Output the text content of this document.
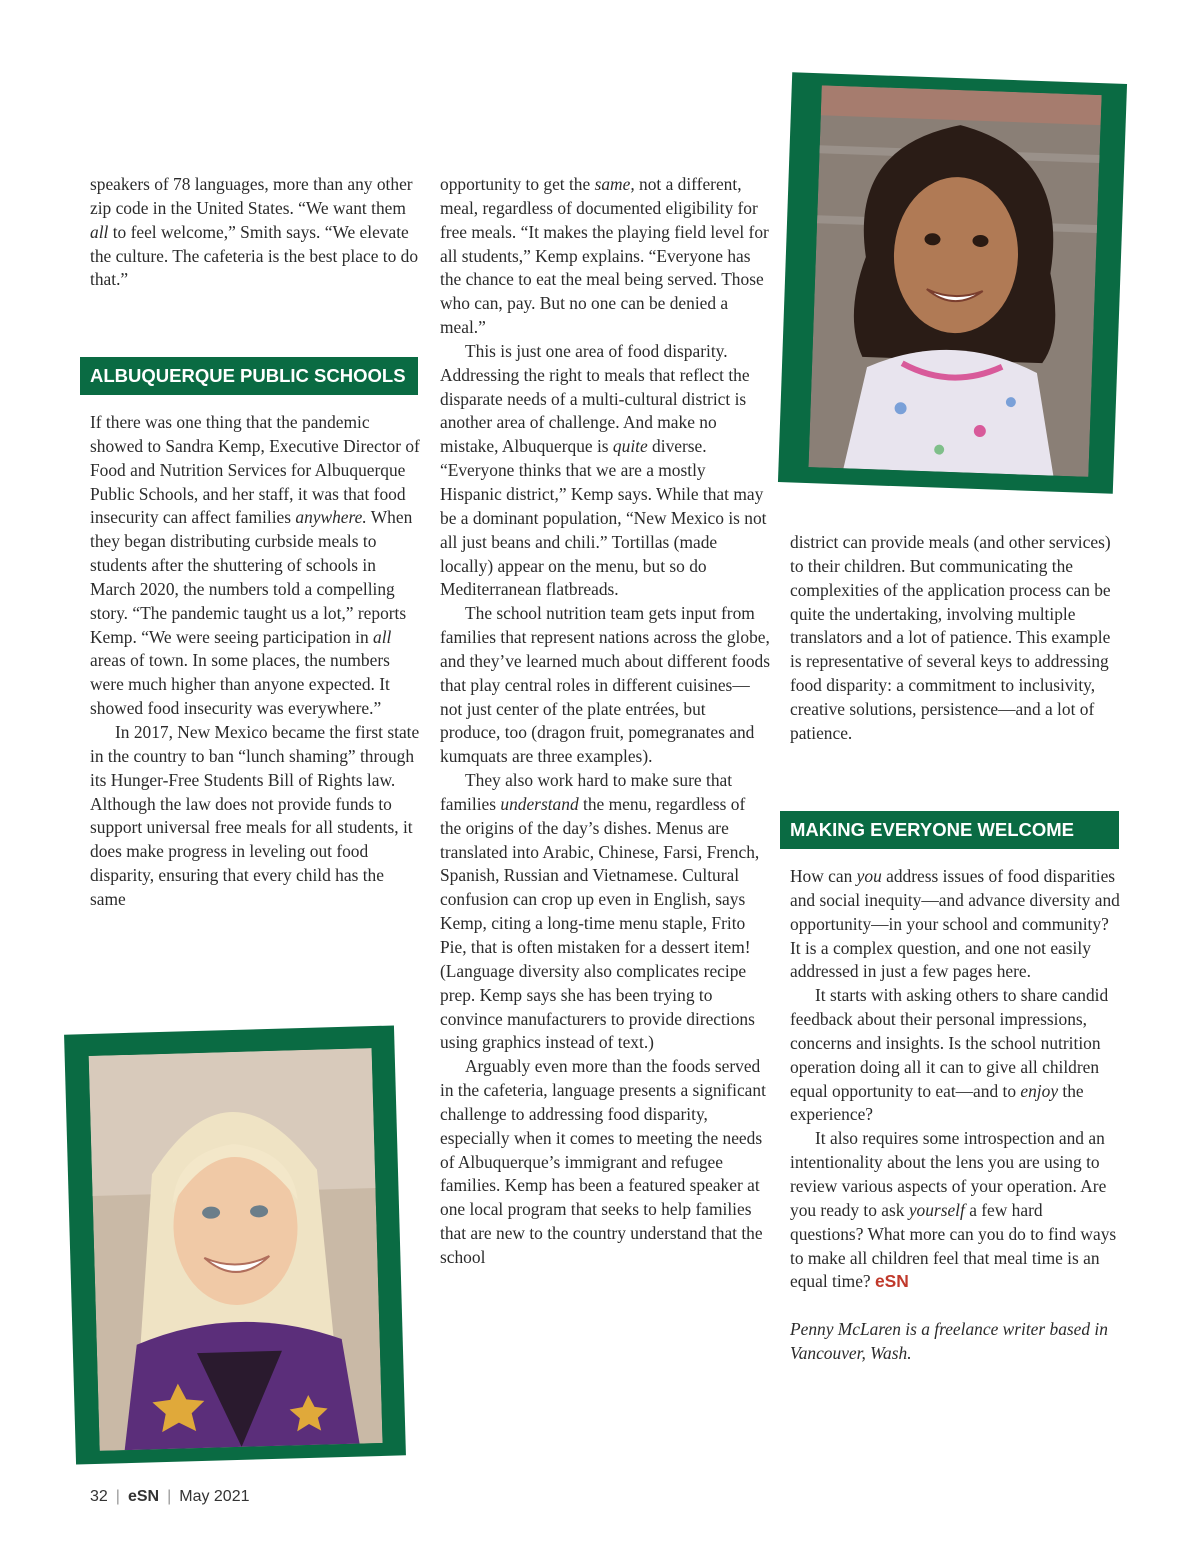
speakers of 78 languages, more than any other zip code in the United States. “We want them all to feel welcome,” Smith says. “We elevate the culture. The cafeteria is the best place to do that.”

ALBUQUERQUE PUBLIC SCHOOLS

If there was one thing that the pandemic showed to Sandra Kemp, Executive Director of Food and Nutrition Services for Albuquerque Public Schools, and her staff, it was that food insecurity can affect families anywhere. When they began distributing curbside meals to students after the shuttering of schools in March 2020, the numbers told a compelling story. “The pandemic taught us a lot,” reports Kemp. “We were seeing participation in all areas of town. In some places, the numbers were much higher than anyone expected. It showed food insecurity was everywhere.”

In 2017, New Mexico became the first state in the country to ban “lunch shaming” through its Hunger-Free Students Bill of Rights law. Although the law does not provide funds to support universal free meals for all students, it does make progress in leveling out food disparity, ensuring that every child has the same

opportunity to get the same, not a different, meal, regardless of documented eligibility for free meals. “It makes the playing field level for all students,” Kemp explains. “Everyone has the chance to eat the meal being served. Those who can, pay. But no one can be denied a meal.”

This is just one area of food disparity. Addressing the right to meals that reflect the disparate needs of a multi-cultural district is another area of challenge. And make no mistake, Albuquerque is quite diverse. “Everyone thinks that we are a mostly Hispanic district,” Kemp says. While that may be a dominant population, “New Mexico is not all just beans and chili.” Tortillas (made locally) appear on the menu, but so do Mediterranean flatbreads.

The school nutrition team gets input from families that represent nations across the globe, and they’ve learned much about different foods that play central roles in different cuisines—not just center of the plate entrées, but produce, too (dragon fruit, pomegranates and kumquats are three examples).

They also work hard to make sure that families understand the menu, regardless of the origins of the day’s dishes. Menus are translated into Arabic, Chinese, Farsi, French, Spanish, Russian and Vietnamese. Cultural confusion can crop up even in English, says Kemp, citing a long-time menu staple, Frito Pie, that is often mistaken for a dessert item! (Language diversity also complicates recipe prep. Kemp says she has been trying to convince manufacturers to provide directions using graphics instead of text.)

Arguably even more than the foods served in the cafeteria, language presents a significant challenge to addressing food disparity, especially when it comes to meeting the needs of Albuquerque’s immigrant and refugee families. Kemp has been a featured speaker at one local program that seeks to help families that are new to the country understand that the school

district can provide meals (and other services) to their children. But communicating the complexities of the application process can be quite the undertaking, involving multiple translators and a lot of patience. This example is representative of several keys to addressing food disparity: a commitment to inclusivity, creative solutions, persistence—and a lot of patience.

MAKING EVERYONE WELCOME

How can you address issues of food disparities and social inequity—and advance diversity and opportunity—in your school and community? It is a complex question, and one not easily addressed in just a few pages here.

It starts with asking others to share candid feedback about their personal impressions, concerns and insights. Is the school nutrition operation doing all it can to give all children equal opportunity to eat—and to enjoy the experience?

It also requires some introspection and an intentionality about the lens you are using to review various aspects of your operation. Are you ready to ask yourself a few hard questions? What more can you do to find ways to make all children feel that meal time is an equal time? eSN

Penny McLaren is a freelance writer based in Vancouver, Wash.

32 | eSN | May 2021
